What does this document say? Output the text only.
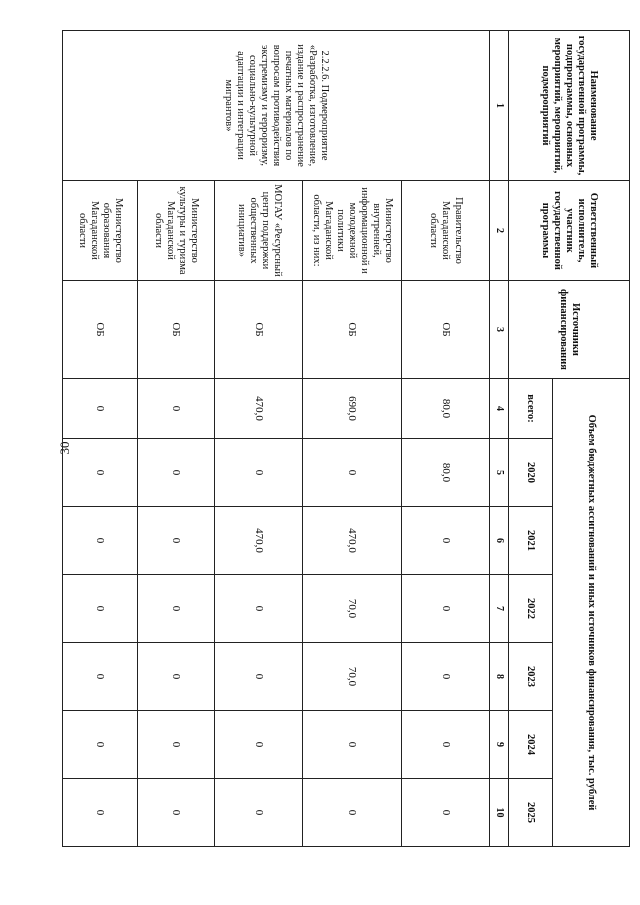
30
Наименование государственной программы, подпрограммы, основных мероприятий, мероприятий, подмероприятий	Ответственный исполнитель, участник государственной программы	Источники финансирования	Объем бюджетных ассигнований и иных источников финансирования, тыс. рублей						
			всего:	2020	2021	2022	2023	2024	2025
1	2	3	4	5	6	7	8	9	10
2.2.2.6. Подмероприятие «Разработка, изготовление, издание и распространение печатных материалов по вопросам противодействия экстремизму и терроризму, социально-культурной адаптации и интеграции мигрантов»	Правительство Магаданской области	ОБ	80,0	80,0	0	0	0	0	0
	Министерство внутренней, информационной и молодежной политики Магаданской области, из них:	ОБ	690,0	0	470,0	70,0	70,0	0	0
	МОГАУ «Ресурсный центр поддержки общественных инициатив»	ОБ	470,0	0	470,0	0	0	0	0
	Министерство культуры и туризма Магаданской области	ОБ	0	0	0	0	0	0	0
	Министерство образования Магаданской области	ОБ	0	0	0	0	0	0	0
